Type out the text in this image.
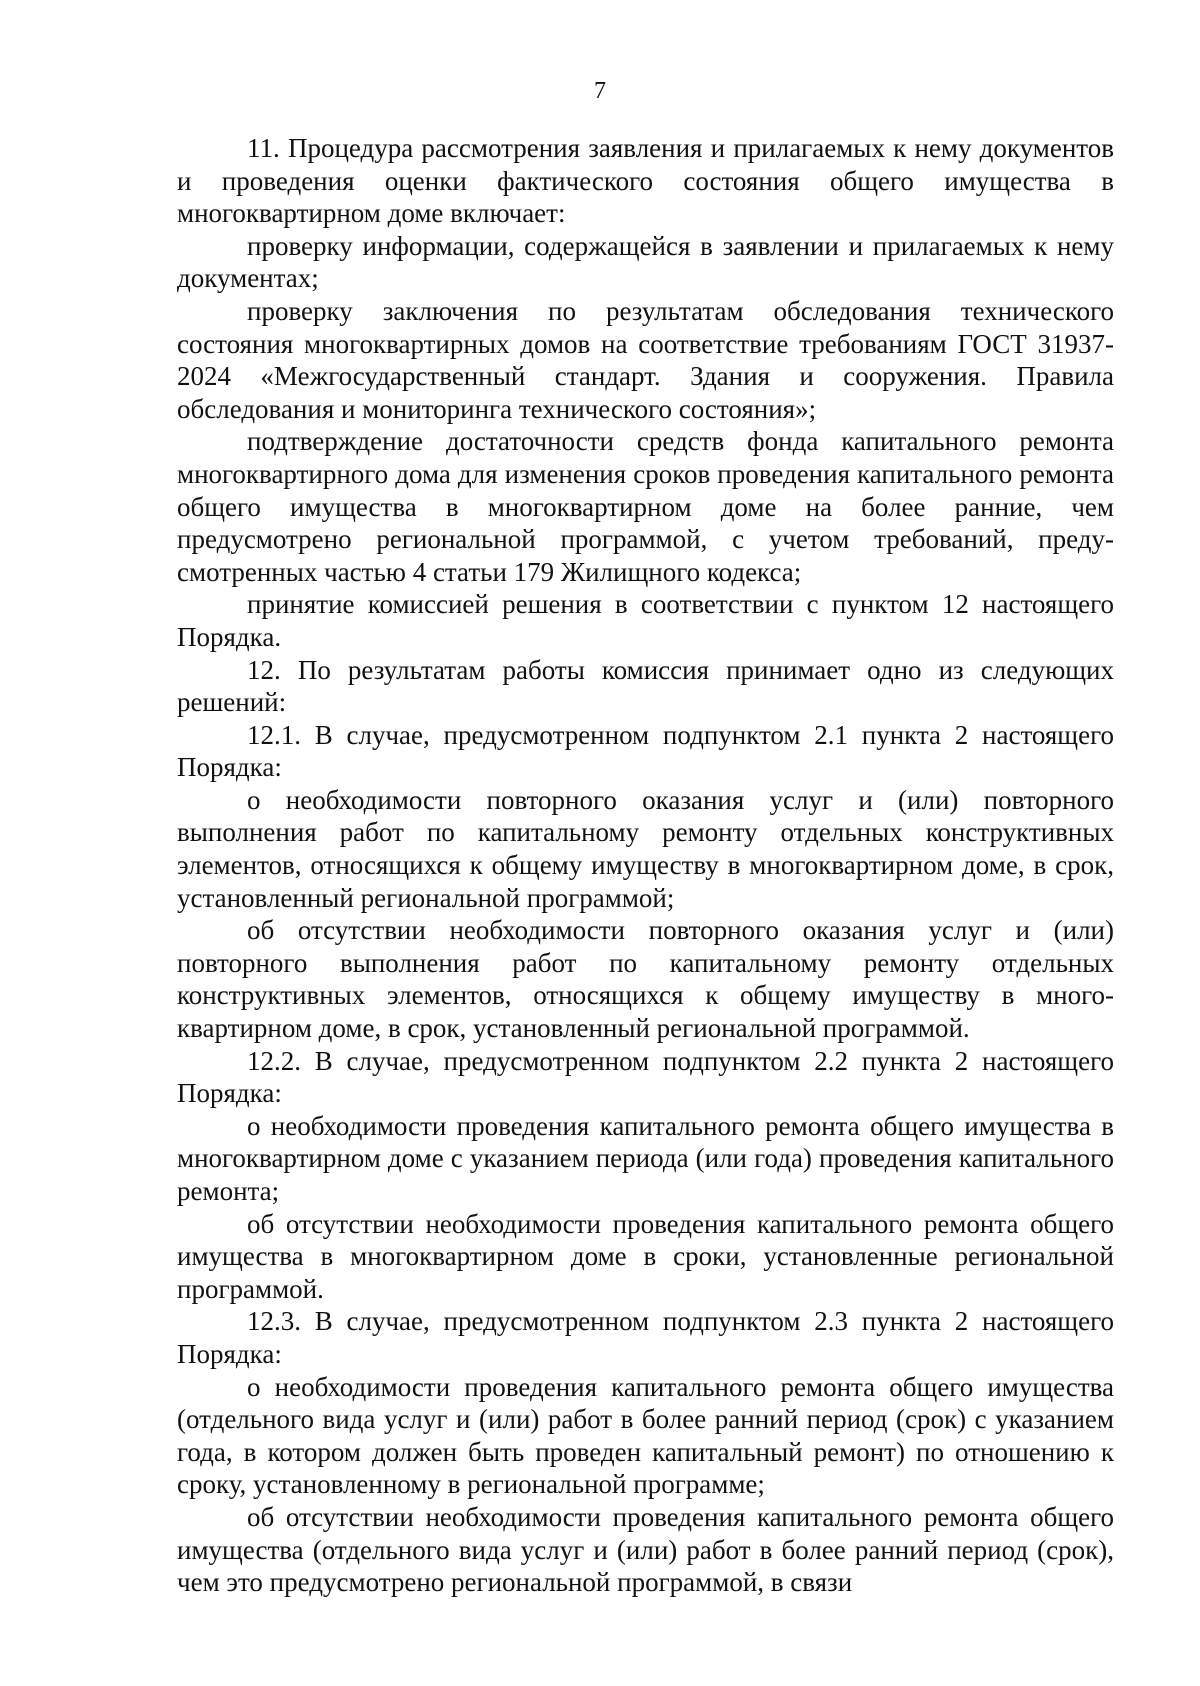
7

11. Процедура рассмотрения заявления и прилагаемых к нему документов и проведения оценки фактического состояния общего имущества в многоквартирном доме включает:

проверку информации, содержащейся в заявлении и прилагаемых к нему документах;

проверку заключения по результатам обследования технического состояния многоквартирных домов на соответствие требованиям ГОСТ 31937-2024 «Межгосударственный стандарт. Здания и сооружения. Правила обследования и мониторинга технического состояния»;

подтверждение достаточности средств фонда капитального ремонта многоквартирного дома для изменения сроков проведения капитального ремонта общего имущества в многоквартирном доме на более ранние, чем предусмотрено региональной программой, с учетом требований, преду-смотренных частью 4 статьи 179 Жилищного кодекса;

принятие комиссией решения в соответствии с пунктом 12 настоящего Порядка.

12. По результатам работы комиссия принимает одно из следующих решений:

12.1. В случае, предусмотренном подпунктом 2.1 пункта 2 настоящего Порядка:

о необходимости повторного оказания услуг и (или) повторного выполнения работ по капитальному ремонту отдельных конструктивных элементов, относящихся к общему имуществу в многоквартирном доме, в срок, установленный региональной программой;

об отсутствии необходимости повторного оказания услуг и (или) повторного выполнения работ по капитальному ремонту отдельных конструктивных элементов, относящихся к общему имуществу в много-квартирном доме, в срок, установленный региональной программой.

12.2. В случае, предусмотренном подпунктом 2.2 пункта 2 настоящего Порядка:

о необходимости проведения капитального ремонта общего имущества в многоквартирном доме с указанием периода (или года) проведения капитального ремонта;

об отсутствии необходимости проведения капитального ремонта общего имущества в многоквартирном доме в сроки, установленные региональной программой.

12.3. В случае, предусмотренном подпунктом 2.3 пункта 2 настоящего Порядка:

о необходимости проведения капитального ремонта общего имущества (отдельного вида услуг и (или) работ в более ранний период (срок) с указанием года, в котором должен быть проведен капитальный ремонт) по отношению к сроку, установленному в региональной программе;

об отсутствии необходимости проведения капитального ремонта общего имущества (отдельного вида услуг и (или) работ в более ранний период (срок), чем это предусмотрено региональной программой, в связи
